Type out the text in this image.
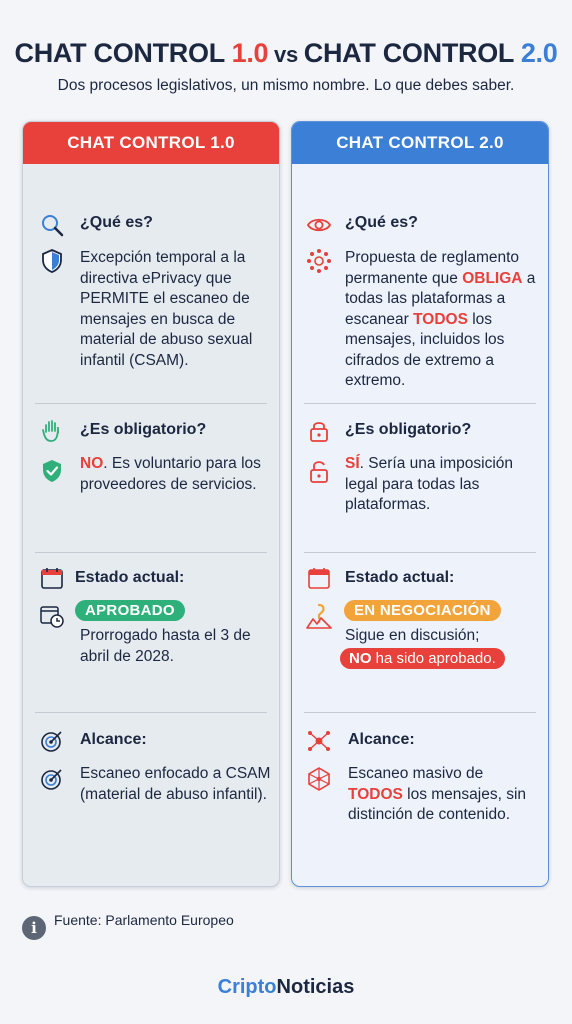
CHAT CONTROL 1.0 vs CHAT CONTROL 2.0
Dos procesos legislativos, un mismo nombre. Lo que debes saber.
CHAT CONTROL 1.0
¿Qué es?
Excepción temporal a la directiva ePrivacy que PERMITE el escaneo de mensajes en busca de material de abuso sexual infantil (CSAM).
¿Es obligatorio?
NO. Es voluntario para los proveedores de servicios.
Estado actual:
APROBADO
Prorrogado hasta el 3 de abril de 2028.
Alcance:
Escaneo enfocado a CSAM (material de abuso infantil).
CHAT CONTROL 2.0
¿Qué es?
Propuesta de reglamento permanente que OBLIGA a todas las plataformas a escanear TODOS los mensajes, incluidos los cifrados de extremo a extremo.
¿Es obligatorio?
SÍ. Sería una imposición legal para todas las plataformas.
Estado actual:
EN NEGOCIACIÓN
Sigue en discusión;
NO ha sido aprobado.
Alcance:
Escaneo masivo de TODOS los mensajes, sin distinción de contenido.
i	Fuente: Parlamento Europeo
CriptoNoticias
